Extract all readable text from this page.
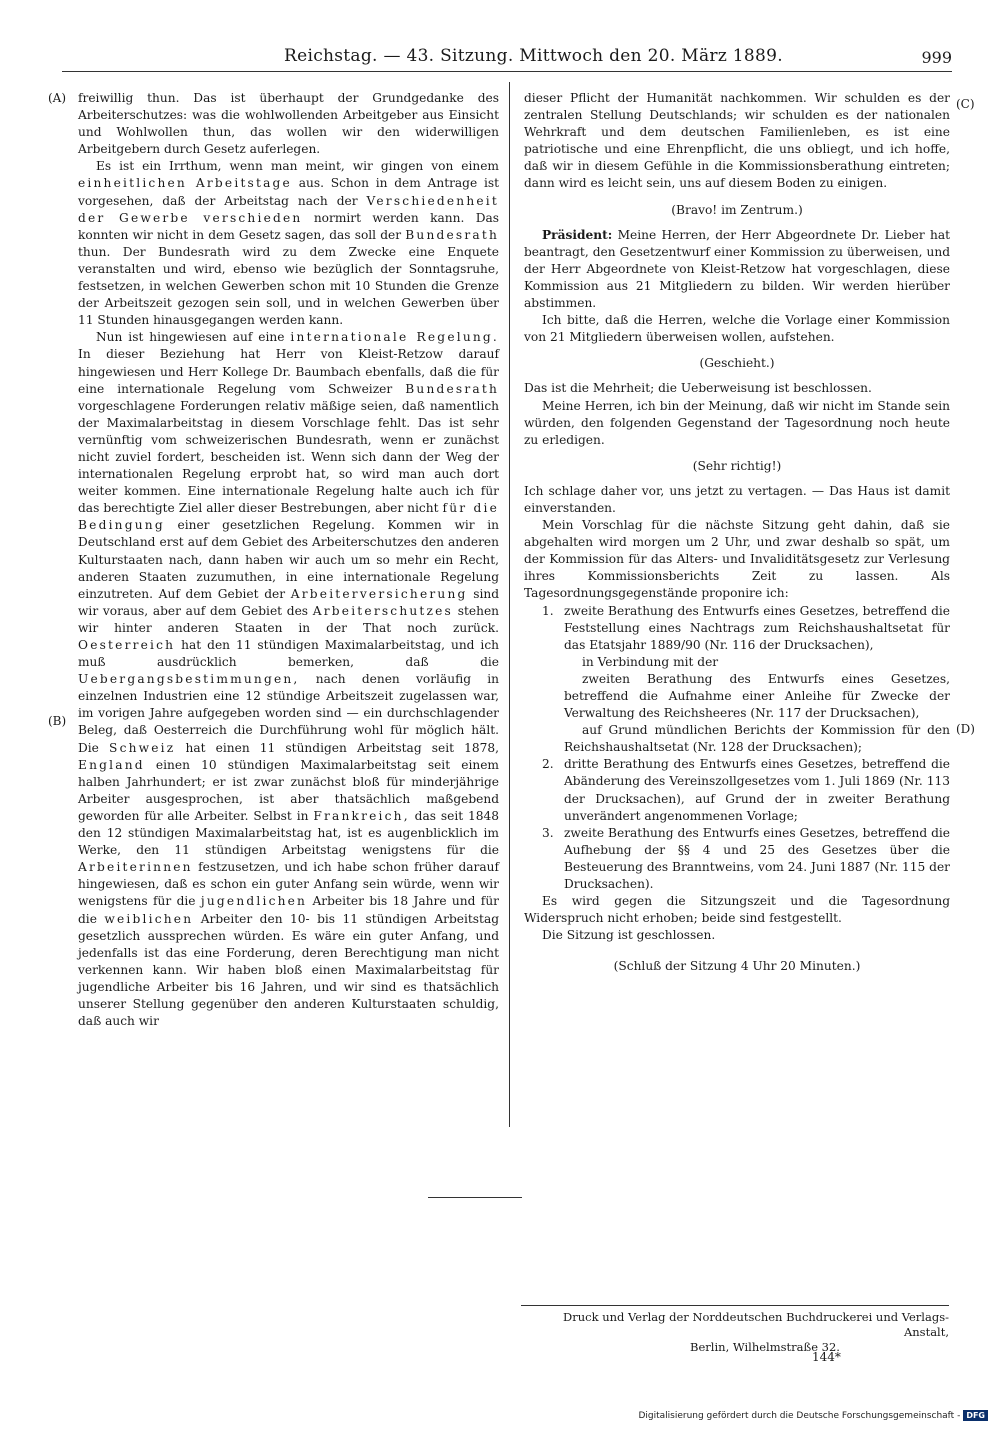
Reichstag. — 43. Sitzung. Mittwoch den 20. März 1889.	999
(A)
(B)
(C)
(D)

freiwillig thun. Das ist überhaupt der Grundgedanke des Arbeiterschutzes: was die wohlwollenden Arbeitgeber aus Einsicht und Wohlwollen thun, das wollen wir den widerwilligen Arbeitgebern durch Gesetz auferlegen.

Es ist ein Irrthum, wenn man meint, wir gingen von einem einheitlichen Arbeitstage aus. Schon in dem Antrage ist vorgesehen, daß der Arbeitstag nach der Verschiedenheit der Gewerbe verschieden normirt werden kann. Das konnten wir nicht in dem Gesetz sagen, das soll der Bundesrath thun. Der Bundesrath wird zu dem Zwecke eine Enquete veranstalten und wird, ebenso wie bezüglich der Sonntagsruhe, festsetzen, in welchen Gewerben schon mit 10 Stunden die Grenze der Arbeitszeit gezogen sein soll, und in welchen Gewerben über 11 Stunden hinausgegangen werden kann.

Nun ist hingewiesen auf eine internationale Regelung. In dieser Beziehung hat Herr von Kleist-Retzow darauf hingewiesen und Herr Kollege Dr. Baumbach ebenfalls, daß die für eine internationale Regelung vom Schweizer Bundesrath vorgeschlagene Forderungen relativ mäßige seien, daß namentlich der Maximalarbeitstag in diesem Vorschlage fehlt. Das ist sehr vernünftig vom schweizerischen Bundesrath, wenn er zunächst nicht zuviel fordert, bescheiden ist. Wenn sich dann der Weg der internationalen Regelung erprobt hat, so wird man auch dort weiter kommen. Eine internationale Regelung halte auch ich für das berechtigte Ziel aller dieser Bestrebungen, aber nicht für die Bedingung einer gesetzlichen Regelung. Kommen wir in Deutschland erst auf dem Gebiet des Arbeiterschutzes den anderen Kulturstaaten nach, dann haben wir auch um so mehr ein Recht, anderen Staaten zuzumuthen, in eine internationale Regelung einzutreten. Auf dem Gebiet der Arbeiterversicherung sind wir voraus, aber auf dem Gebiet des Arbeiterschutzes stehen wir hinter anderen Staaten in der That noch zurück. Oesterreich hat den 11 stündigen Maximalarbeitstag, und ich muß ausdrücklich bemerken, daß die Uebergangsbestimmungen, nach denen vorläufig in einzelnen Industrien eine 12 stündige Arbeitszeit zugelassen war, im vorigen Jahre aufgegeben worden sind — ein durchschlagender Beleg, daß Oesterreich die Durchführung wohl für möglich hält. Die Schweiz hat einen 11 stündigen Arbeitstag seit 1878, England einen 10 stündigen Maximalarbeitstag seit einem halben Jahrhundert; er ist zwar zunächst bloß für minderjährige Arbeiter ausgesprochen, ist aber thatsächlich maßgebend geworden für alle Arbeiter. Selbst in Frankreich, das seit 1848 den 12 stündigen Maximalarbeitstag hat, ist es augenblicklich im Werke, den 11 stündigen Arbeitstag wenigstens für die Arbeiterinnen festzusetzen, und ich habe schon früher darauf hingewiesen, daß es schon ein guter Anfang sein würde, wenn wir wenigstens für die jugendlichen Arbeiter bis 18 Jahre und für die weiblichen Arbeiter den 10- bis 11 stündigen Arbeitstag gesetzlich aussprechen würden. Es wäre ein guter Anfang, und jedenfalls ist das eine Forderung, deren Berechtigung man nicht verkennen kann. Wir haben bloß einen Maximalarbeitstag für jugendliche Arbeiter bis 16 Jahren, und wir sind es thatsächlich unserer Stellung gegenüber den anderen Kulturstaaten schuldig, daß auch wir

dieser Pflicht der Humanität nachkommen. Wir schulden es der zentralen Stellung Deutschlands; wir schulden es der nationalen Wehrkraft und dem deutschen Familienleben, es ist eine patriotische und eine Ehrenpflicht, die uns obliegt, und ich hoffe, daß wir in diesem Gefühle in die Kommissionsberathung eintreten; dann wird es leicht sein, uns auf diesem Boden zu einigen.

(Bravo! im Zentrum.)

Präsident: Meine Herren, der Herr Abgeordnete Dr. Lieber hat beantragt, den Gesetzentwurf einer Kommission zu überweisen, und der Herr Abgeordnete von Kleist-Retzow hat vorgeschlagen, diese Kommission aus 21 Mitgliedern zu bilden. Wir werden hierüber abstimmen.

Ich bitte, daß die Herren, welche die Vorlage einer Kommission von 21 Mitgliedern überweisen wollen, aufstehen.

(Geschieht.)

Das ist die Mehrheit; die Ueberweisung ist beschlossen.

Meine Herren, ich bin der Meinung, daß wir nicht im Stande sein würden, den folgenden Gegenstand der Tagesordnung noch heute zu erledigen.

(Sehr richtig!)

Ich schlage daher vor, uns jetzt zu vertagen. — Das Haus ist damit einverstanden.

Mein Vorschlag für die nächste Sitzung geht dahin, daß sie abgehalten wird morgen um 2 Uhr, und zwar deshalb so spät, um der Kommission für das Alters- und Invaliditätsgesetz zur Verlesung ihres Kommissionsberichts Zeit zu lassen. Als Tagesordnungsgegenstände proponire ich:

1. zweite Berathung des Entwurfs eines Gesetzes, betreffend die Feststellung eines Nachtrags zum Reichshaushaltsetat für das Etatsjahr 1889/90 (Nr. 116 der Drucksachen),

in Verbindung mit der

zweiten Berathung des Entwurfs eines Gesetzes, betreffend die Aufnahme einer Anleihe für Zwecke der Verwaltung des Reichsheeres (Nr. 117 der Drucksachen),

auf Grund mündlichen Berichts der Kommission für den Reichshaushaltsetat (Nr. 128 der Drucksachen);

2. dritte Berathung des Entwurfs eines Gesetzes, betreffend die Abänderung des Vereinszollgesetzes vom 1. Juli 1869 (Nr. 113 der Drucksachen), auf Grund der in zweiter Berathung unverändert angenommenen Vorlage;
3. zweite Berathung des Entwurfs eines Gesetzes, betreffend die Aufhebung der §§ 4 und 25 des Gesetzes über die Besteuerung des Branntweins, vom 24. Juni 1887 (Nr. 115 der Drucksachen).

Es wird gegen die Sitzungszeit und die Tagesordnung Widerspruch nicht erhoben; beide sind festgestellt.

Die Sitzung ist geschlossen.

(Schluß der Sitzung 4 Uhr 20 Minuten.)

Druck und Verlag der Norddeutschen Buchdruckerei und Verlags-Anstalt,
Berlin, Wilhelmstraße 32.
144*
Digitalisierung gefördert durch die Deutsche Forschungsgemeinschaft - DFG
